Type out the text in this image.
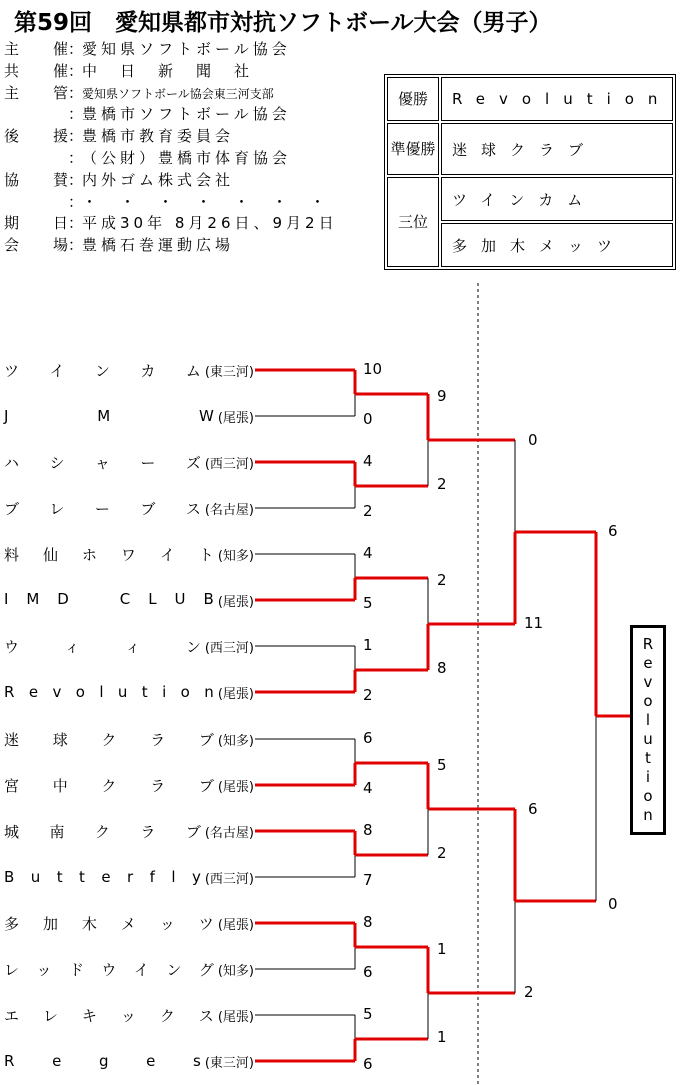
第59回　愛知県都市対抗ソフトボール大会（男子）
主　催：愛知県ソフトボール協会
共　催：中　日　新　聞　社
主　管：愛知県ソフトボール協会東三河支部
：豊橋市ソフトボール協会
後　援：豊橋市教育委員会
：（公財）豊橋市体育協会
協　賛：内外ゴム株式会社
：・　・　・　・　・　・　・
期　日：平成30年 8月26日、9月2日
会　場：豊橋石巻運動広場
優勝	Revolution
準優勝	迷球クラブ
三位	ツインカム
	多加木メッツ
ツ イ ン カ ム (東三河)
J	M	W (尾張)
ハ シ ャ ー ズ (西三河)
ブ レ ー ブ ス (名古屋)
料 仙 ホ ワ イ ト (知多)
I M D
　	C L U B (尾張)
ウ	ィ	ィ	ン (西三河)
R e v o l u t i o n (尾張)
迷 球 ク ラ ブ (知多)
宮 中 ク ラ ブ (尾張)
城 南 ク ラ ブ (名古屋)
B u t t e r f l y (西三河)
多 加 木 メ ッ ツ (尾張)
レ ッ ド ウ イ ン グ (知多)
エ レ キ ッ ク ス (尾張)
R	e	g	e	s (東三河)
10
0
4
2
4
5
1
2
6
4
8
7
8
6
5
6
9
2
2
8
5
2
1
1
0
11
6
2
6
0
R
e
v
o
l
u
t
i
o
n
